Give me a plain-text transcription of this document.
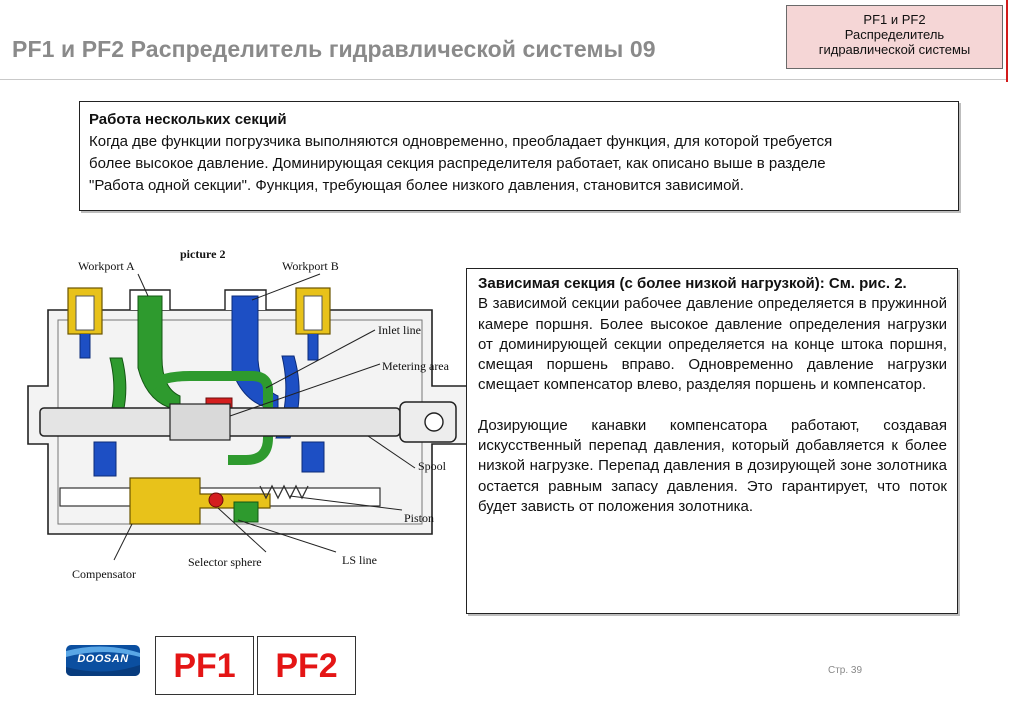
PF1 и PF2 Распределитель гидравлической системы 09
PF1 и PF2
Распределитель
гидравлической системы
Работа нескольких секций
Когда две функции погрузчика выполняются одновременно, преобладает функция, для которой требуется
более высокое давление. Доминирующая секция распределителя работает, как описано выше в разделе
"Работа одной секции". Функция, требующая более низкого давления, становится зависимой.
picture 2
Workport A	Workport B
Inlet line
Metering area
Spool
Piston
LS line
Selector sphere
Compensator
Зависимая секция (с более низкой нагрузкой): См. рис. 2.
В зависимой секции рабочее давление определяется в пружинной камере поршня. Более высокое давление определения нагрузки от доминирующей секции определяется на конце штока поршня, смещая поршень вправо. Одновременно давление нагрузки смещает компенсатор влево, разделяя поршень и компенсатор.
Дозирующие канавки компенсатора работают, создавая искусственный перепад давления, который добавляется к более низкой нагрузке. Перепад давления в дозирующей зоне золотника остается равным запасу давления. Это гарантирует, что поток будет зависть от положения золотника.
DOOSAN	PF1	PF2	Стр. 39
